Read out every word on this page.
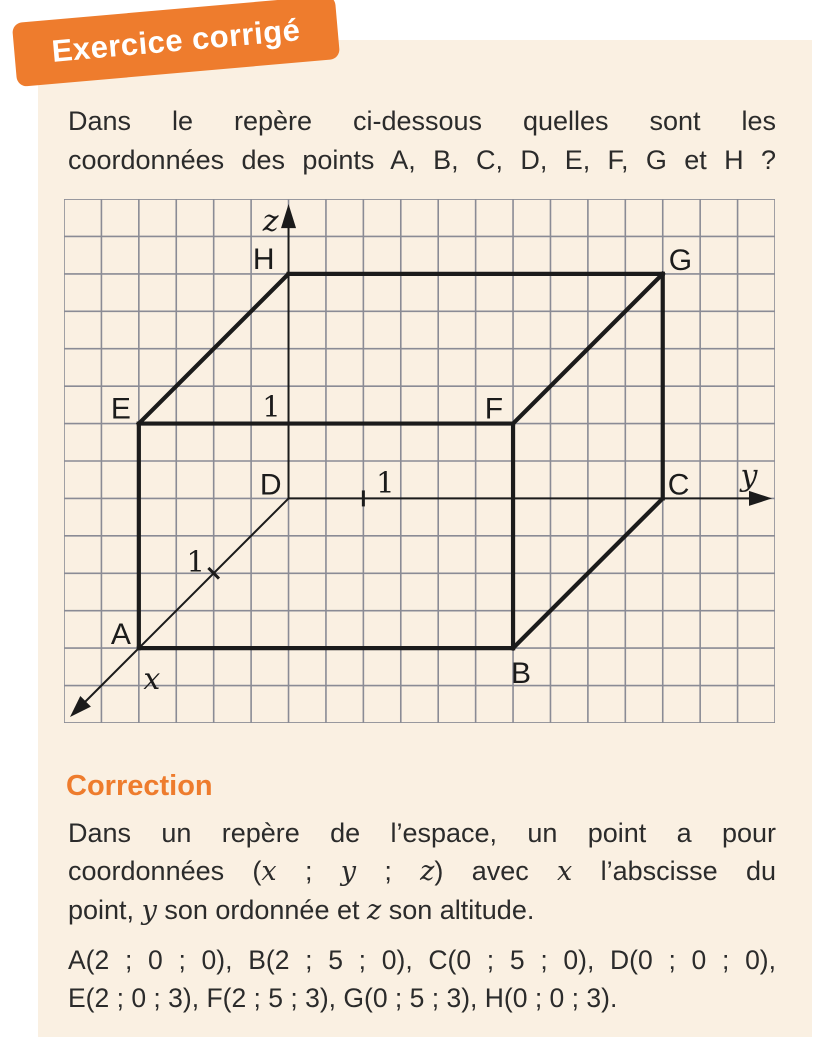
Exercice corrigé
Dans le repère ci-dessous quelles sont les
coordonnées des points A, B, C, D, E, F, G et H ?
A
B
C
D
E	F
G
H
z
y
x
1
1
1
Correction
Dans un repère de l’espace, un point a pour
coordonnées (x ; y ; z) avec x l’abscisse du
point, y son ordonnée et z son altitude.
A(2 ; 0 ; 0), B(2 ; 5 ; 0), C(0 ; 5 ; 0), D(0 ; 0 ; 0),
E(2 ; 0 ; 3), F(2 ; 5 ; 3), G(0 ; 5 ; 3), H(0 ; 0 ; 3).
